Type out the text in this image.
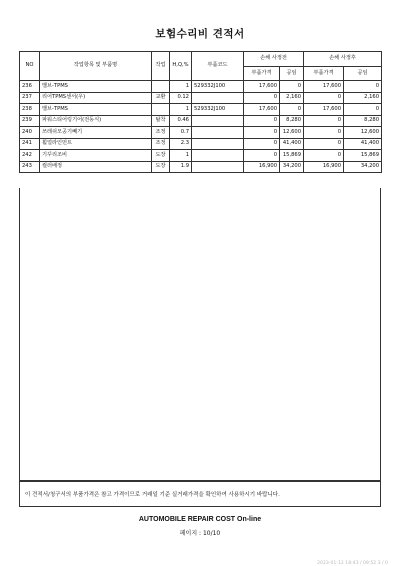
보험수리비 견적서
NO	작업항목 및 부품명	작업	H,Q,%	부품코드	손해 사정전		손해 사정후	
					부품가격	공임	부품가격	공임
236	밸브-TPMS		1	529332J100	17,600	0	17,600	0
237	리어TPMS센서(우)	교환	0.12		0	2,160	0	2,160
238	밸브-TPMS		1	529332J100	17,600	0	17,600	0
239	파워스티어링기어(전동식)	탈착	0.46		0	8,280	0	8,280
240	쓰레쉬모공기빼기	조정	0.7		0	12,600	0	12,600
241	휠얼라인먼트	조정	2.3		0	41,400	0	41,400
242	기꾸리조비	도장	1		0	15,869	0	15,869
243	컬러배정	도장	1.9		16,900	34,200	16,900	34,200
이 견적서/청구서의 부품가격은 참고 가격이므로 거래일 기준 실거래가격을 확인하여 사용하시기 바랍니다.
AUTOMOBILE REPAIR COST On-line
페이지 : 10/10
2023-01-12 18:43 / 09:52 3 / 0
